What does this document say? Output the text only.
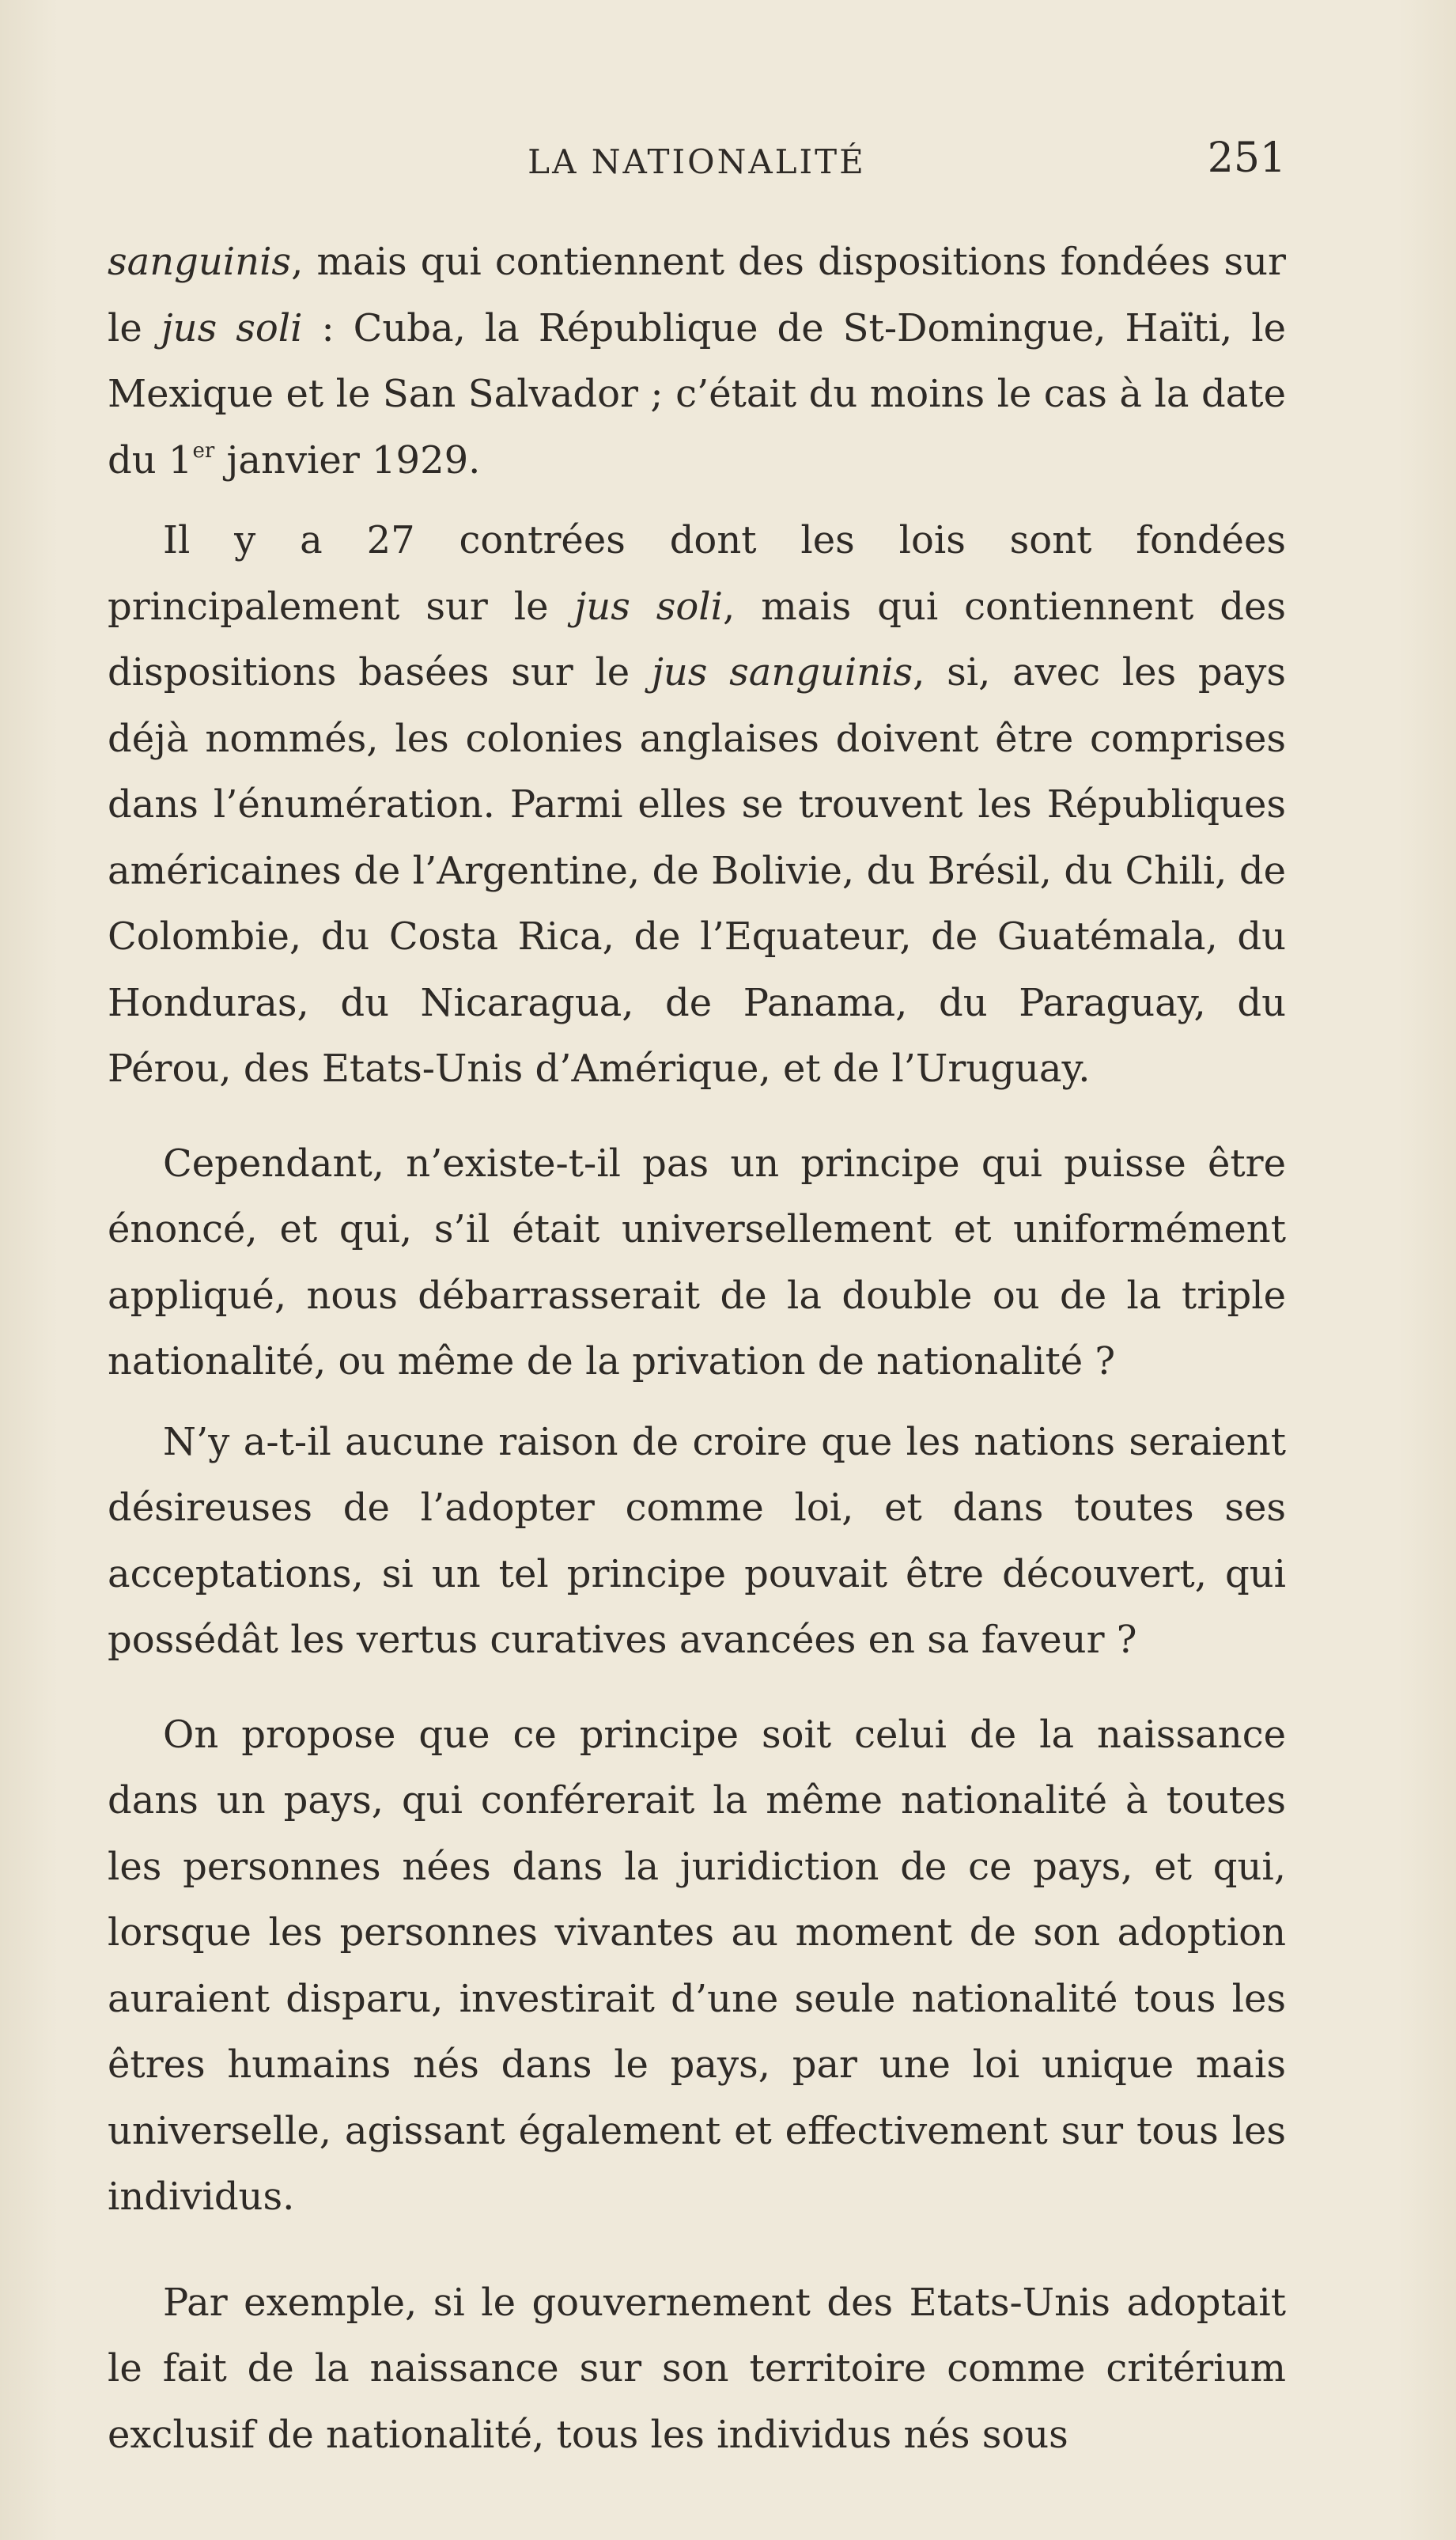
LA NATIONALITÉ	251

sanguinis, mais qui contiennent des dispositions fondées sur le jus soli : Cuba, la République de St-Domingue, Haïti, le Mexique et le San Salvador ; c’était du moins le cas à la date du 1er janvier 1929.

Il y a 27 contrées dont les lois sont fondées principalement sur le jus soli, mais qui contiennent des dispositions basées sur le jus sanguinis, si, avec les pays déjà nommés, les colonies anglaises doivent être comprises dans l’énumération. Parmi elles se trouvent les Républiques américaines de l’Argentine, de Bolivie, du Brésil, du Chili, de Colombie, du Costa Rica, de l’Equateur, de Guatémala, du Honduras, du Nicaragua, de Panama, du Paraguay, du Pérou, des Etats-Unis d’Amérique, et de l’Uruguay.

Cependant, n’existe-t-il pas un principe qui puisse être énoncé, et qui, s’il était universellement et uniformément appliqué, nous débarrasserait de la double ou de la triple nationalité, ou même de la privation de nationalité ?

N’y a-t-il aucune raison de croire que les nations seraient désireuses de l’adopter comme loi, et dans toutes ses acceptations, si un tel principe pouvait être découvert, qui possédât les vertus curatives avancées en sa faveur ?

On propose que ce principe soit celui de la naissance dans un pays, qui conférerait la même nationalité à toutes les personnes nées dans la juridiction de ce pays, et qui, lorsque les personnes vivantes au moment de son adoption auraient disparu, investirait d’une seule nationalité tous les êtres humains nés dans le pays, par une loi unique mais universelle, agissant également et effectivement sur tous les individus.

Par exemple, si le gouvernement des Etats-Unis adoptait le fait de la naissance sur son territoire comme critérium exclusif de nationalité, tous les individus nés sous
